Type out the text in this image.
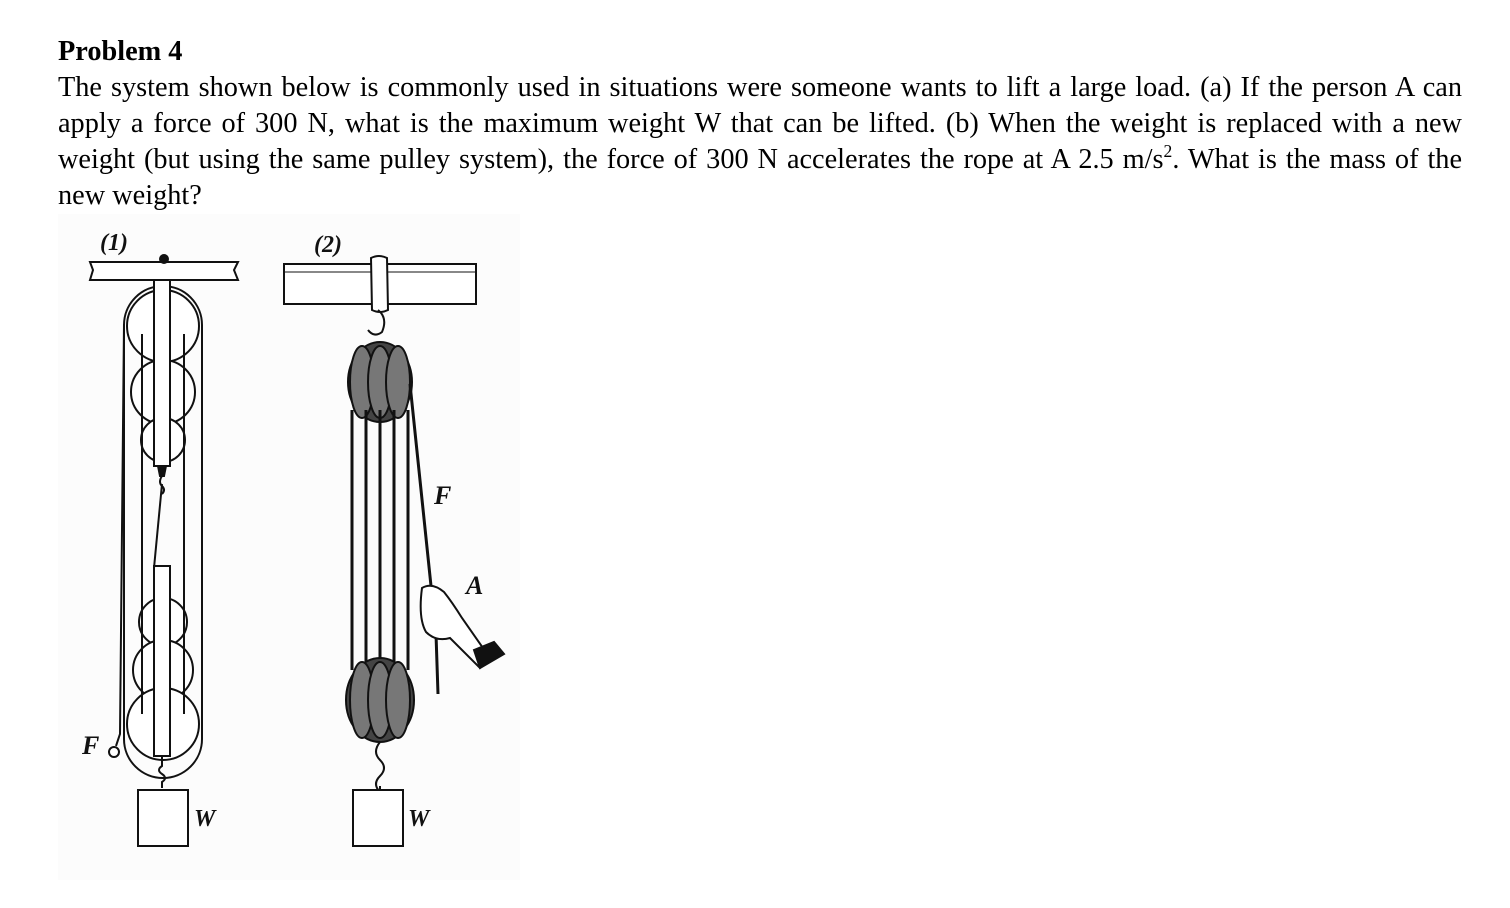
Problem 4

The system shown below is commonly used in situations were someone wants to lift a large load. (a) If the person A can apply a force of 300 N, what is the maximum weight W that can be lifted. (b) When the weight is replaced with a new weight (but using the same pulley system), the force of 300 N accelerates the rope at A 2.5 $m/s^2$. What is the mass of the new weight?

(1)	(2)
F
F
A
W	W
